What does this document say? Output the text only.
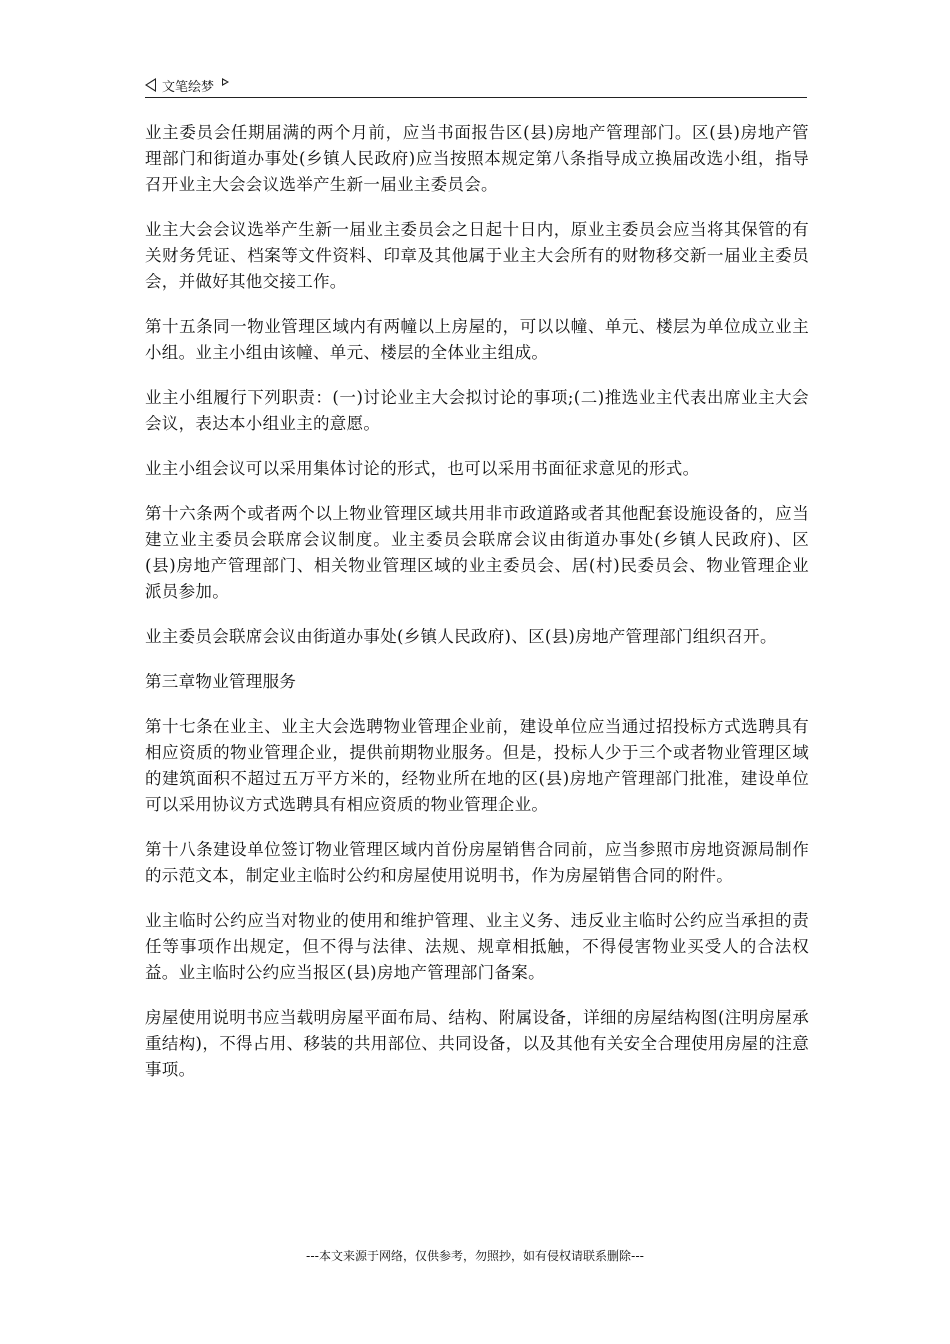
文笔绘梦

业主委员会任期届满的两个月前，应当书面报告区(县)房地产管理部门。区(县)房地产管理部门和街道办事处(乡镇人民政府)应当按照本规定第八条指导成立换届改选小组，指导召开业主大会会议选举产生新一届业主委员会。

业主大会会议选举产生新一届业主委员会之日起十日内，原业主委员会应当将其保管的有关财务凭证、档案等文件资料、印章及其他属于业主大会所有的财物移交新一届业主委员会，并做好其他交接工作。

第十五条同一物业管理区域内有两幢以上房屋的，可以以幢、单元、楼层为单位成立业主小组。业主小组由该幢、单元、楼层的全体业主组成。

业主小组履行下列职责：(一)讨论业主大会拟讨论的事项;(二)推选业主代表出席业主大会会议，表达本小组业主的意愿。

业主小组会议可以采用集体讨论的形式，也可以采用书面征求意见的形式。

第十六条两个或者两个以上物业管理区域共用非市政道路或者其他配套设施设备的，应当建立业主委员会联席会议制度。业主委员会联席会议由街道办事处(乡镇人民政府)、区(县)房地产管理部门、相关物业管理区域的业主委员会、居(村)民委员会、物业管理企业派员参加。

业主委员会联席会议由街道办事处(乡镇人民政府)、区(县)房地产管理部门组织召开。

第三章物业管理服务

第十七条在业主、业主大会选聘物业管理企业前，建设单位应当通过招投标方式选聘具有相应资质的物业管理企业，提供前期物业服务。但是，投标人少于三个或者物业管理区域的建筑面积不超过五万平方米的，经物业所在地的区(县)房地产管理部门批准，建设单位可以采用协议方式选聘具有相应资质的物业管理企业。

第十八条建设单位签订物业管理区域内首份房屋销售合同前，应当参照市房地资源局制作的示范文本，制定业主临时公约和房屋使用说明书，作为房屋销售合同的附件。

业主临时公约应当对物业的使用和维护管理、业主义务、违反业主临时公约应当承担的责任等事项作出规定，但不得与法律、法规、规章相抵触，不得侵害物业买受人的合法权益。业主临时公约应当报区(县)房地产管理部门备案。

房屋使用说明书应当载明房屋平面布局、结构、附属设备，详细的房屋结构图(注明房屋承重结构)，不得占用、移装的共用部位、共同设备，以及其他有关安全合理使用房屋的注意事项。

---本文来源于网络，仅供参考，勿照抄，如有侵权请联系删除---
